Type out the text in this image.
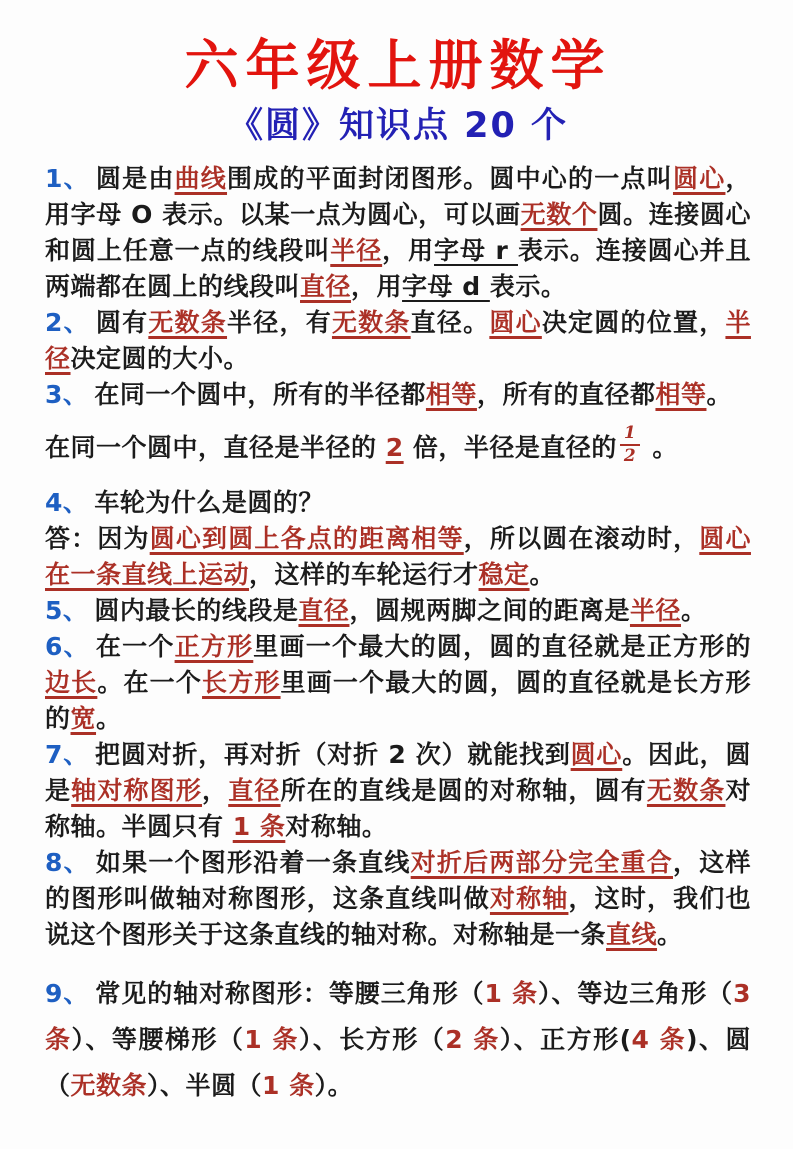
六年级上册数学
《圆》知识点 20 个

1、 圆是由曲线围成的平面封闭图形。圆中心的一点叫圆心，用字母 O 表示。以某一点为圆心，可以画无数个圆。连接圆心和圆上任意一点的线段叫半径，用字母 r 表示。连接圆心并且两端都在圆上的线段叫直径，用字母 d 表示。

2、 圆有无数条半径，有无数条直径。圆心决定圆的位置，半径决定圆的大小。

3、 在同一个圆中，所有的半径都相等，所有的直径都相等。

在同一个圆中，直径是半径的 2 倍，半径是直径的 $\frac{1}{2}$ 。

4、 车轮为什么是圆的？

答：因为圆心到圆上各点的距离相等，所以圆在滚动时，圆心在一条直线上运动，这样的车轮运行才稳定。

5、 圆内最长的线段是直径，圆规两脚之间的距离是半径。

6、 在一个正方形里画一个最大的圆，圆的直径就是正方形的边长。在一个长方形里画一个最大的圆，圆的直径就是长方形的宽。

7、 把圆对折，再对折（对折 2 次）就能找到圆心。因此，圆是轴对称图形，直径所在的直线是圆的对称轴，圆有无数条对称轴。半圆只有 1 条对称轴。

8、 如果一个图形沿着一条直线对折后两部分完全重合，这样的图形叫做轴对称图形，这条直线叫做对称轴，这时，我们也说这个图形关于这条直线的轴对称。对称轴是一条直线。

9、 常见的轴对称图形：等腰三角形（1 条）、等边三角形（3 条）、等腰梯形（1 条）、长方形（2 条）、正方形(4 条)、圆（无数条）、半圆（1 条）。
